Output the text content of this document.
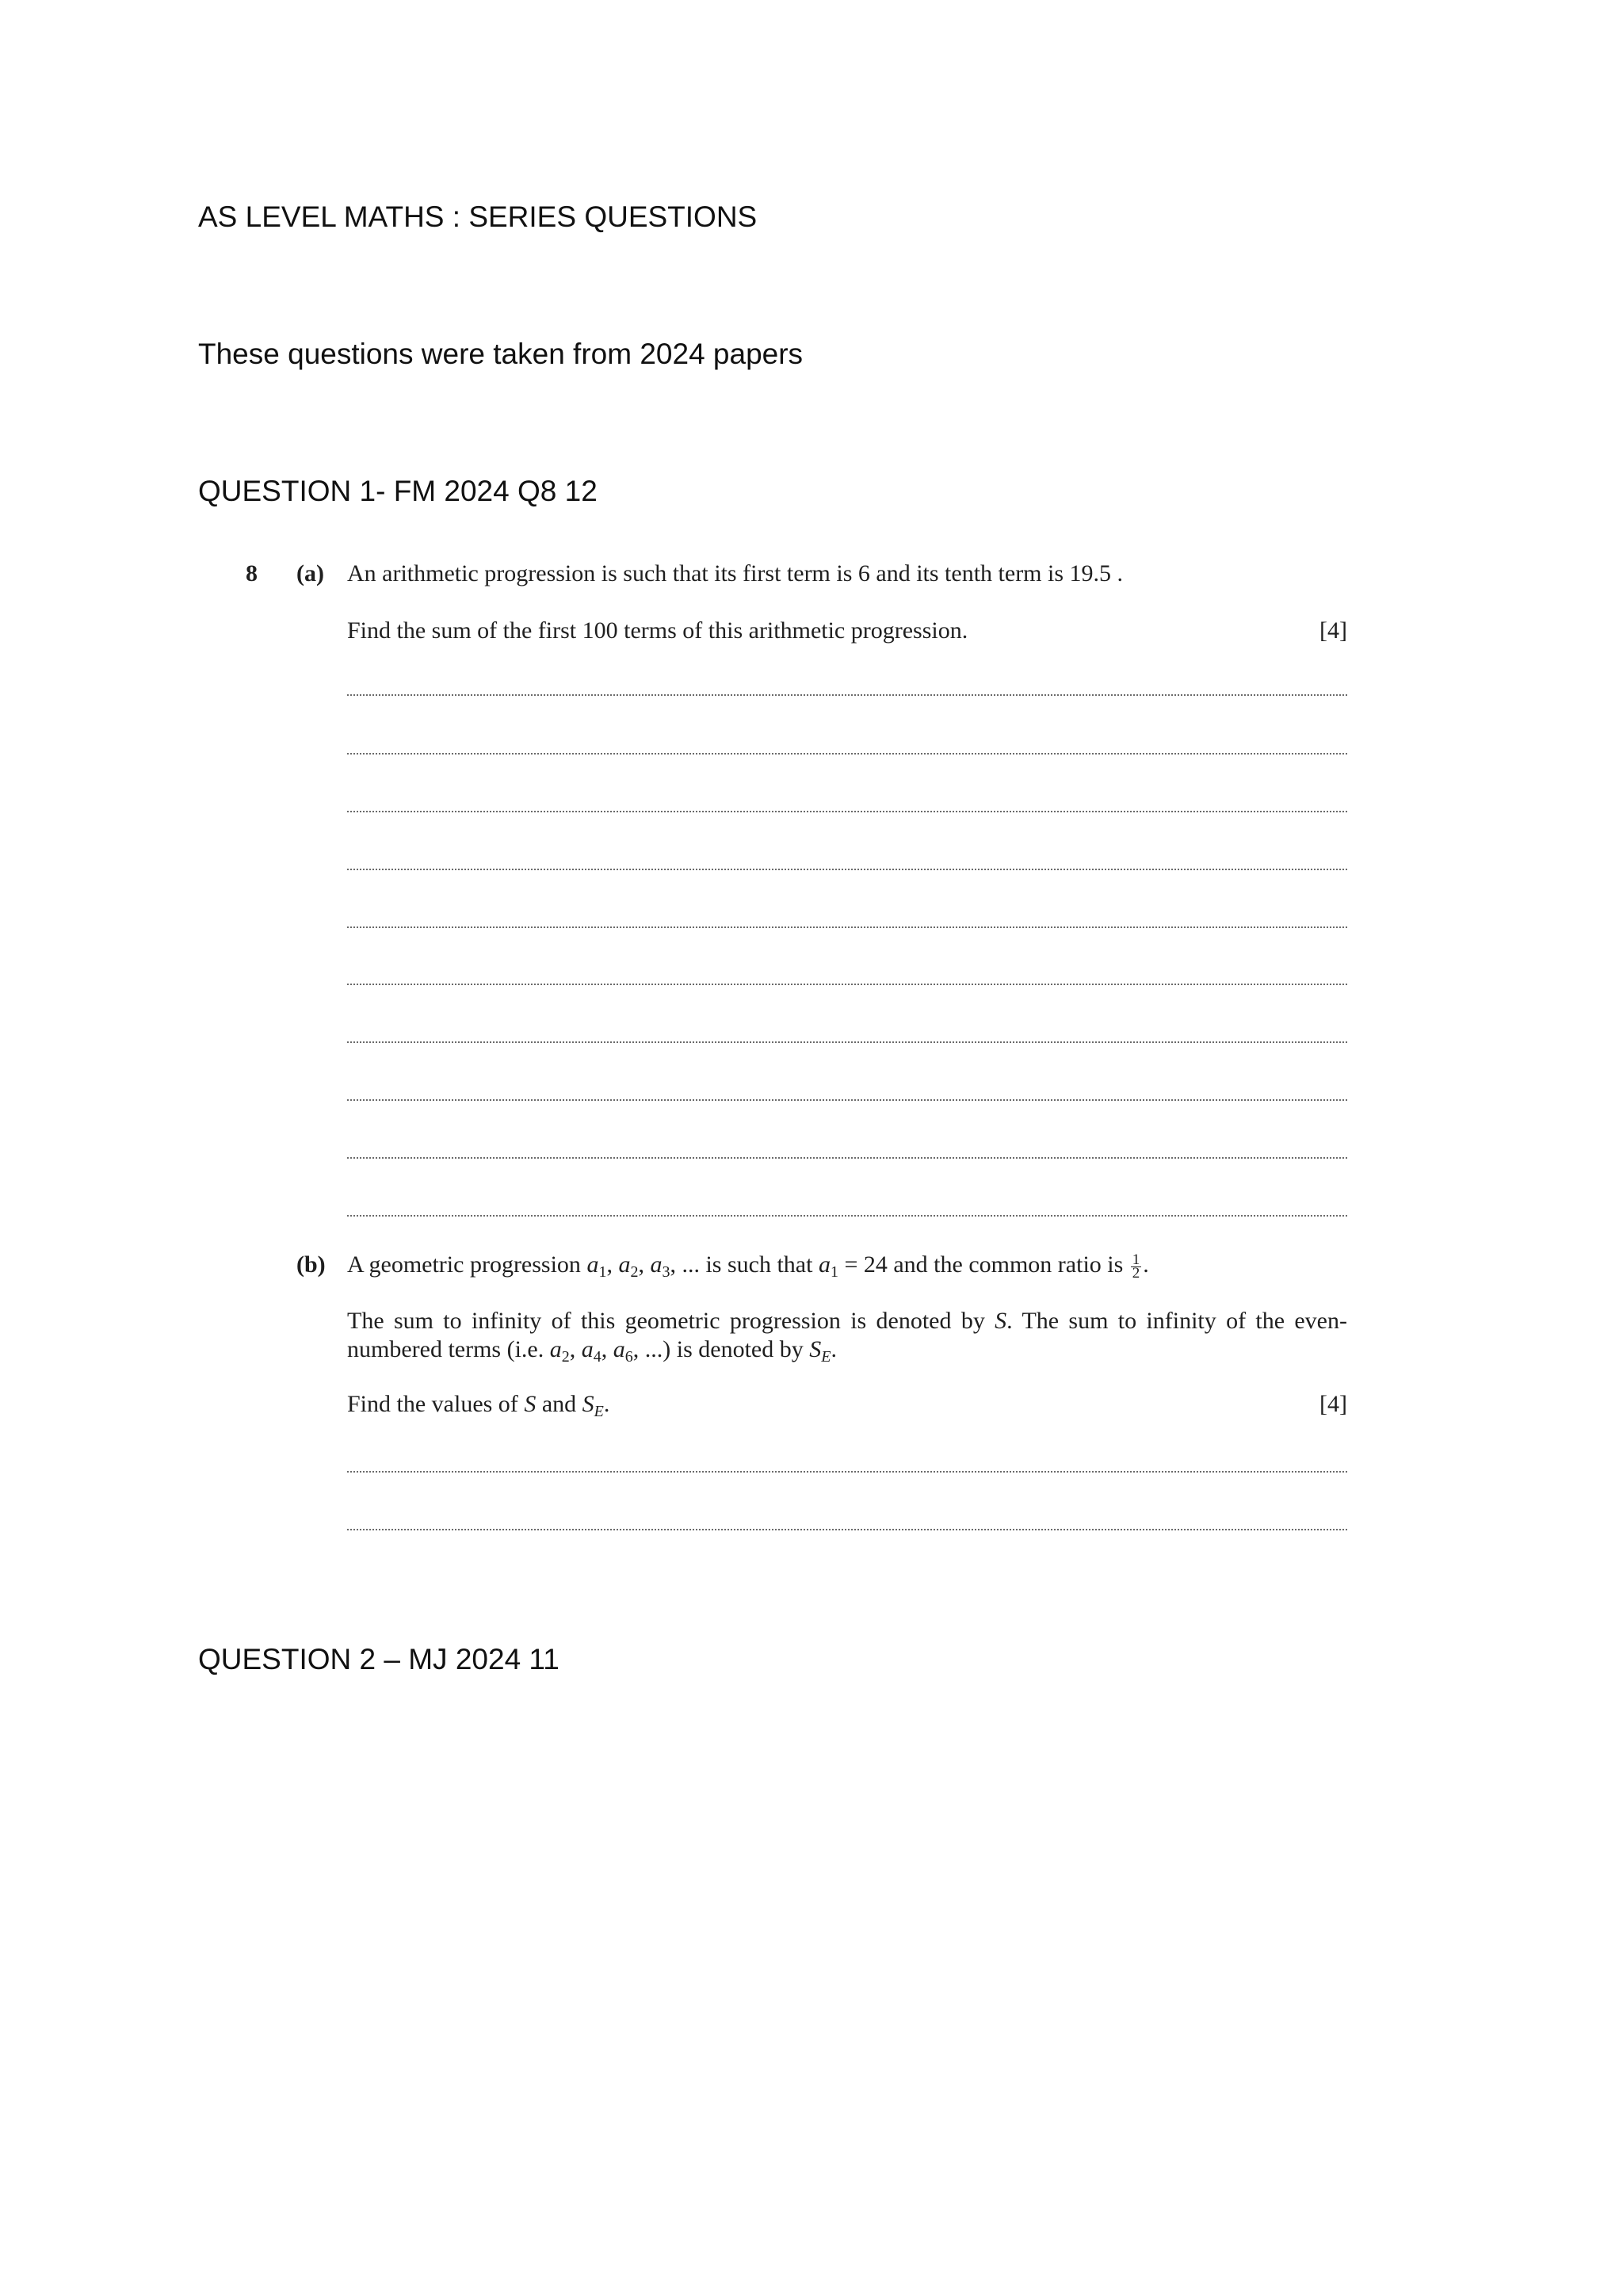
AS LEVEL MATHS : SERIES QUESTIONS
These questions were taken from 2024 papers
QUESTION 1- FM 2024 Q8 12
8 (a) An arithmetic progression is such that its first term is 6 and its tenth term is 19.5 .
Find the sum of the first 100 terms of this arithmetic progression.	[4]
(b) A geometric progression $a_1$, $a_2$, $a_3$, ... is such that $a_1 = 24$ and the common ratio is $\frac{1}{2}$ .
The sum to infinity of this geometric progression is denoted by S. The sum to infinity of the even-numbered terms (i.e. $a_2$, $a_4$, $a_6$, ...) is denoted by $S_E$.
Find the values of S and $S_E$.	[4]
QUESTION 2 – MJ 2024 11
